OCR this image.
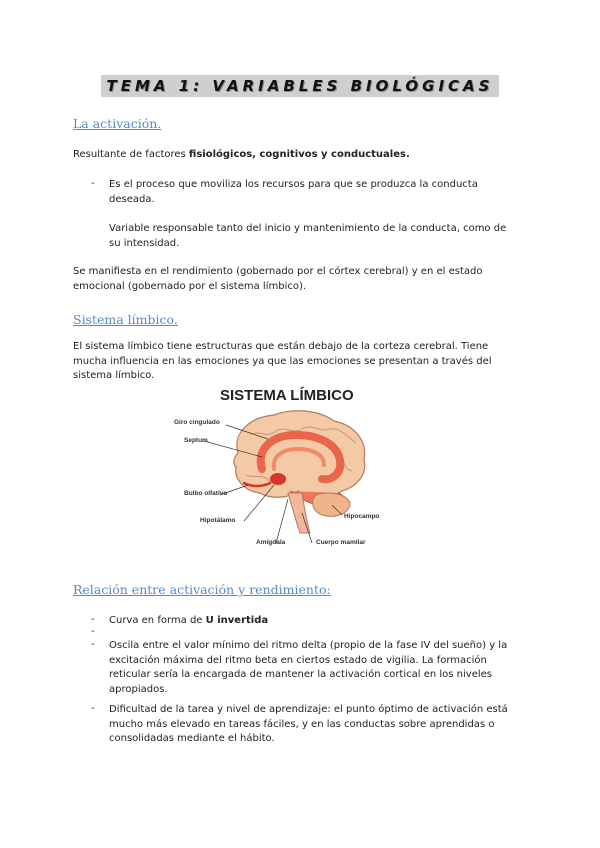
TEMA 1: VARIABLES BIOLÓGICAS
La activación.
Resultante de factores fisiológicos, cognitivos y conductuales.
- Es el proceso que moviliza los recursos para que se produzca la conducta
deseada.
Variable responsable tanto del inicio y mantenimiento de la conducta, como de
su intensidad.
Se manifiesta en el rendimiento (gobernado por el córtex cerebral) y en el estado
emocional (gobernado por el sistema límbico).
Sistema límbico.
El sistema límbico tiene estructuras que están debajo de la corteza cerebral. Tiene
mucha influencia en las emociones ya que las emociones se presentan a través del
sistema límbico.
SISTEMA LÍMBICO
Giro cingulado
Septum
Bulbo olfativo
Hipotálamo
Amígdala	Cuerpo mamilar
Hipocampo
Relación entre activación y rendimiento:
- Curva en forma de U invertida
-
- Oscila entre el valor mínimo del ritmo delta (propio de la fase IV del sueño) y la
excitación máxima del ritmo beta en ciertos estado de vigilia. La formación
reticular sería la encargada de mantener la activación cortical en los niveles
apropiados.
- Dificultad de la tarea y nivel de aprendizaje: el punto óptimo de activación está
mucho más elevado en tareas fáciles, y en las conductas sobre aprendidas o
consolidadas mediante el hábito.
